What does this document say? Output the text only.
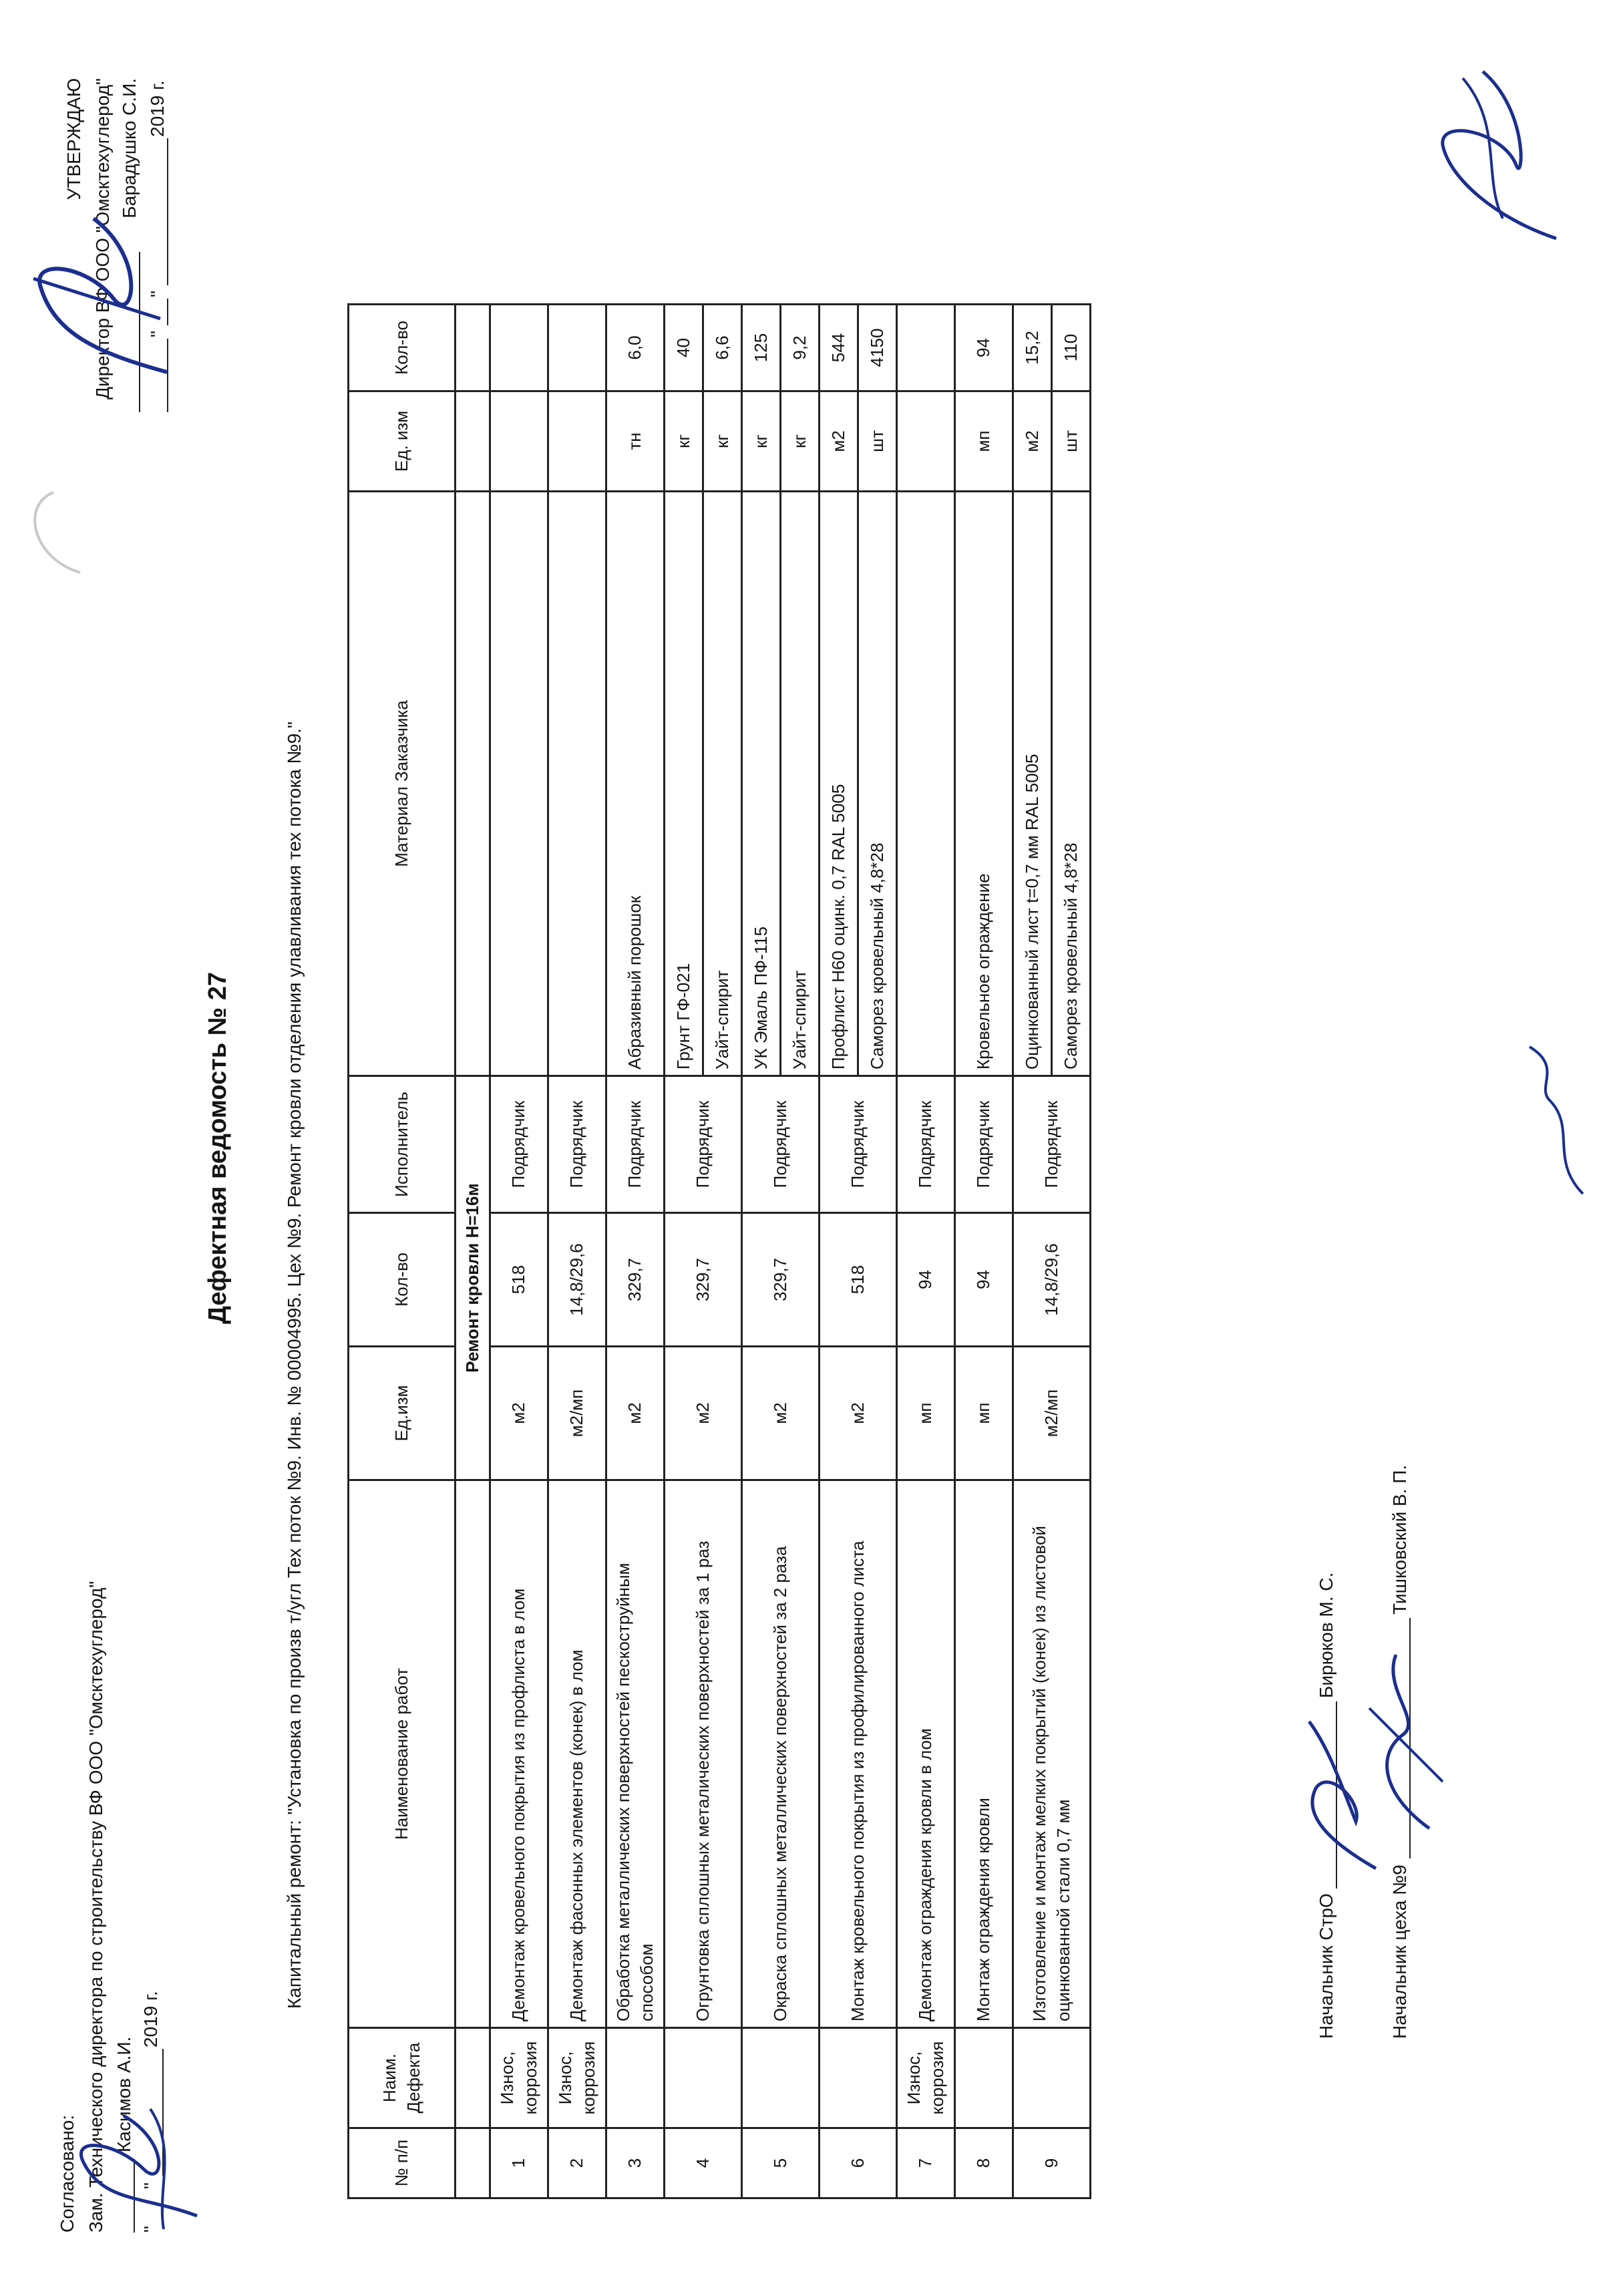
Согласовано: Зам. Технического директора по строительству ВФ ООО "Омсктехуглерод" Касимов А.И.
"
"
2019 г.
УТВЕРЖДАЮ Директор ВФ ООО "Омсктехуглерод" Барадушко С.И.
"
"
2019 г.
Дефектная ведомость № 27	Капитальный ремонт: "Установка по произв т/угл Тех поток №9. Инв. № 00004995. Цех №9. Ремонт кровли отделения улавливания тех потока №9."
№ п/п	Наим. Дефекта	Наименование работ	Ед.изм	Кол-во	Исполнитель	Материал Заказчика	Ед. изм	Кол-во
			Ремонт кровли Н=16м					
1	Износ, коррозия	Демонтаж кровельного покрытия из профлиста в лом	м2	518	Подрядчик			
2	Износ, коррозия	Демонтаж фасонных элементов (конек) в лом	м2/мп	14,8/29,6	Подрядчик			
3		Обработка металлических поверхностей пескоструйным способом	м2	329,7	Подрядчик	Абразивный порошок	тн	6,0
4		Огрунтовка сплошных металических поверхностей за 1 раз	м2	329,7	Подрядчик	Грунт ГФ-021	кг	40
						Уайт-спирит	кг	6,6
5		Окраска сплошных металлических поверхностей за 2 раза	м2	329,7	Подрядчик	УК Эмаль ПФ-115	кг	125
						Уайт-спирит	кг	9,2
6		Монтаж кровельного покрытия из профилированного листа	м2	518	Подрядчик	Профлист Н60 оцинк. 0,7 RAL 5005	м2	544
						Саморез кровельный 4,8*28	шт	4150
7	Износ, коррозия	Демонтаж ограждения кровли в лом	мп	94	Подрядчик			
8		Монтаж ограждения кровли	мп	94	Подрядчик	Кровельное ограждение	мп	94
9		Изготовление и монтаж мелких покрытий (конек) из листовой оцинкованной стали 0,7 мм	м2/мп	14,8/29,6	Подрядчик	Оцинкованный лист t=0,7 мм RAL 5005	м2	15,2
						Саморез кровельный 4,8*28	шт	110
Начальник СтрО
Бирюков М. С.
Начальник цеха №9
Тишковский В. П.
